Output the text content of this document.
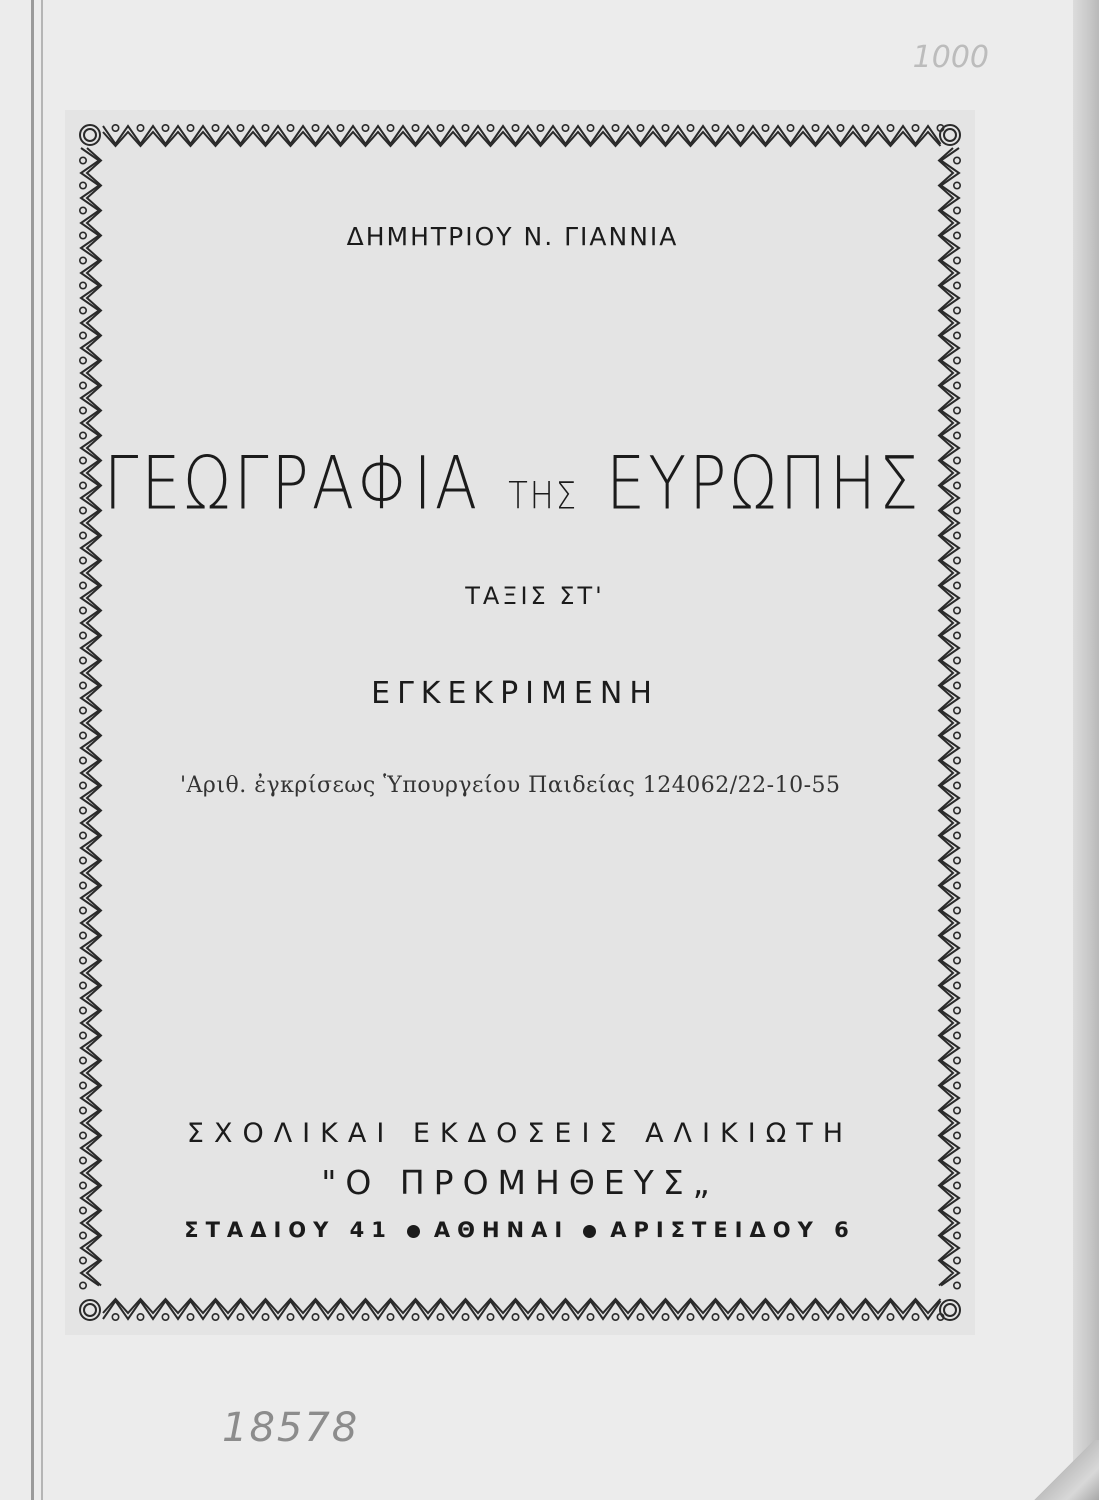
ΔΗΜΗΤΡΙΟΥ Ν. ΓΙΑΝΝΙΑ
ΓΕΩΓΡΑΦΙΑ ΤΗΣ ΕΥΡΩΠΗΣ
ΤΑΞΙΣ ΣΤ'
ΕΓΚΕΚΡΙΜΕΝΗ
'Αριθ. ἐγκρίσεως Ὑπουργείου Παιδείας 124062/22-10-55
ΣΧΟΛΙΚΑΙ ΕΚΔΟΣΕΙΣ ΑΛΙΚΙΩΤΗ
"Ο ΠΡΟΜΗΘΕΥΣ„
ΣΤΑΔΙΟΥ 41 ΑΘΗΝΑΙ ΑΡΙΣΤΕΙΔΟΥ 6
1000
18578
